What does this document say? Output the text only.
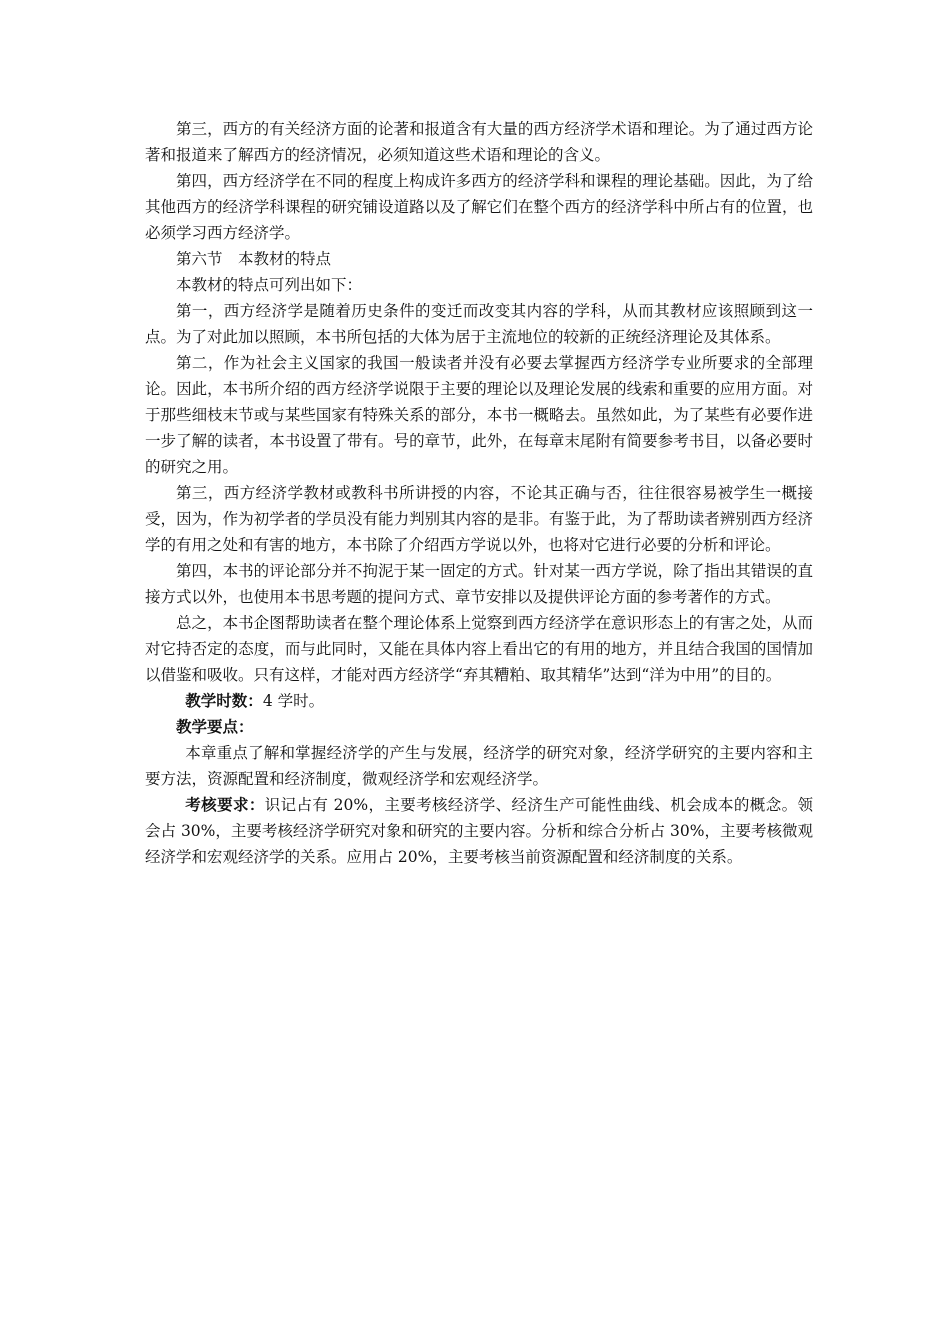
第三，西方的有关经济方面的论著和报道含有大量的西方经济学术语和理论。为了通过西方论著和报道来了解西方的经济情况，必须知道这些术语和理论的含义。

第四，西方经济学在不同的程度上构成许多西方的经济学科和课程的理论基础。因此，为了给其他西方的经济学科课程的研究铺设道路以及了解它们在整个西方的经济学科中所占有的位置，也必须学习西方经济学。

第六节　本教材的特点

本教材的特点可列出如下：

第一，西方经济学是随着历史条件的变迁而改变其内容的学科，从而其教材应该照顾到这一点。为了对此加以照顾，本书所包括的大体为居于主流地位的较新的正统经济理论及其体系。

第二，作为社会主义国家的我国一般读者并没有必要去掌握西方经济学专业所要求的全部理论。因此，本书所介绍的西方经济学说限于主要的理论以及理论发展的线索和重要的应用方面。对于那些细枝末节或与某些国家有特殊关系的部分，本书一概略去。虽然如此，为了某些有必要作进一步了解的读者，本书设置了带有。号的章节，此外，在每章末尾附有简要参考书目，以备必要时的研究之用。

第三，西方经济学教材或教科书所讲授的内容，不论其正确与否，往往很容易被学生一概接受，因为，作为初学者的学员没有能力判别其内容的是非。有鉴于此，为了帮助读者辨别西方经济学的有用之处和有害的地方，本书除了介绍西方学说以外，也将对它进行必要的分析和评论。

第四，本书的评论部分并不拘泥于某一固定的方式。针对某一西方学说，除了指出其错误的直接方式以外，也使用本书思考题的提问方式、章节安排以及提供评论方面的参考著作的方式。

总之，本书企图帮助读者在整个理论体系上觉察到西方经济学在意识形态上的有害之处，从而对它持否定的态度，而与此同时，又能在具体内容上看出它的有用的地方，并且结合我国的国情加以借鉴和吸收。只有这样，才能对西方经济学“弃其糟粕、取其精华”达到“洋为中用”的目的。

教学时数：4 学时。

教学要点：

本章重点了解和掌握经济学的产生与发展，经济学的研究对象，经济学研究的主要内容和主要方法，资源配置和经济制度，微观经济学和宏观经济学。

考核要求：识记占有 20%，主要考核经济学、经济生产可能性曲线、机会成本的概念。领会占 30%，主要考核经济学研究对象和研究的主要内容。分析和综合分析占 30%，主要考核微观经济学和宏观经济学的关系。应用占 20%，主要考核当前资源配置和经济制度的关系。
